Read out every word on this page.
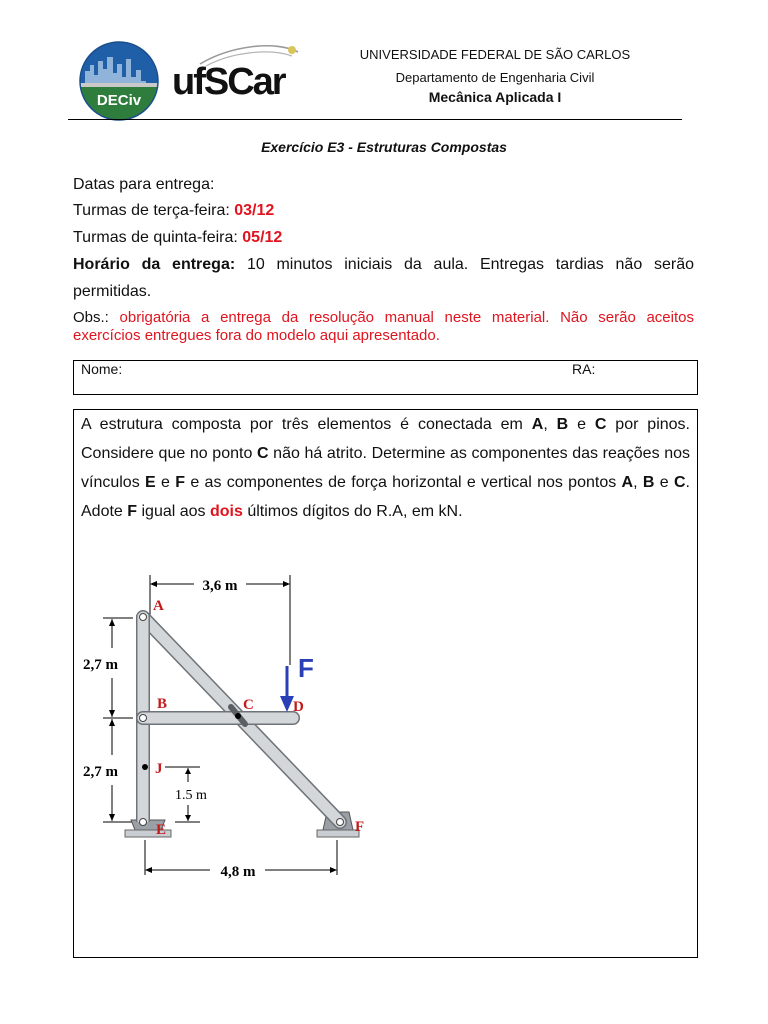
DECiv ufSCar
UNIVERSIDADE FEDERAL DE SÃO CARLOS
Departamento de Engenharia Civil
Mecânica Aplicada I
Exercício E3 - Estruturas Compostas
Datas para entrega:
Turmas de terça-feira: 03/12
Turmas de quinta-feira: 05/12
Horário da entrega: 10 minutos iniciais da aula. Entregas tardias não serão
permitidas.
Obs.: obrigatória a entrega da resolução manual neste material. Não serão aceitos exercícios entregues fora do modelo aqui apresentado.
Nome:	RA:
A estrutura composta por três elementos é conectada em A, B e C por pinos. Considere que no ponto C não há atrito. Determine as componentes das reações nos vínculos E e F e as componentes de força horizontal e vertical nos pontos A, B e C. Adote F igual aos dois últimos dígitos do R.A, em kN.
3,6 m
2,7 m
2,7 m
1.5 m
4,8 m
A
B	C	D
J
E	F
F
